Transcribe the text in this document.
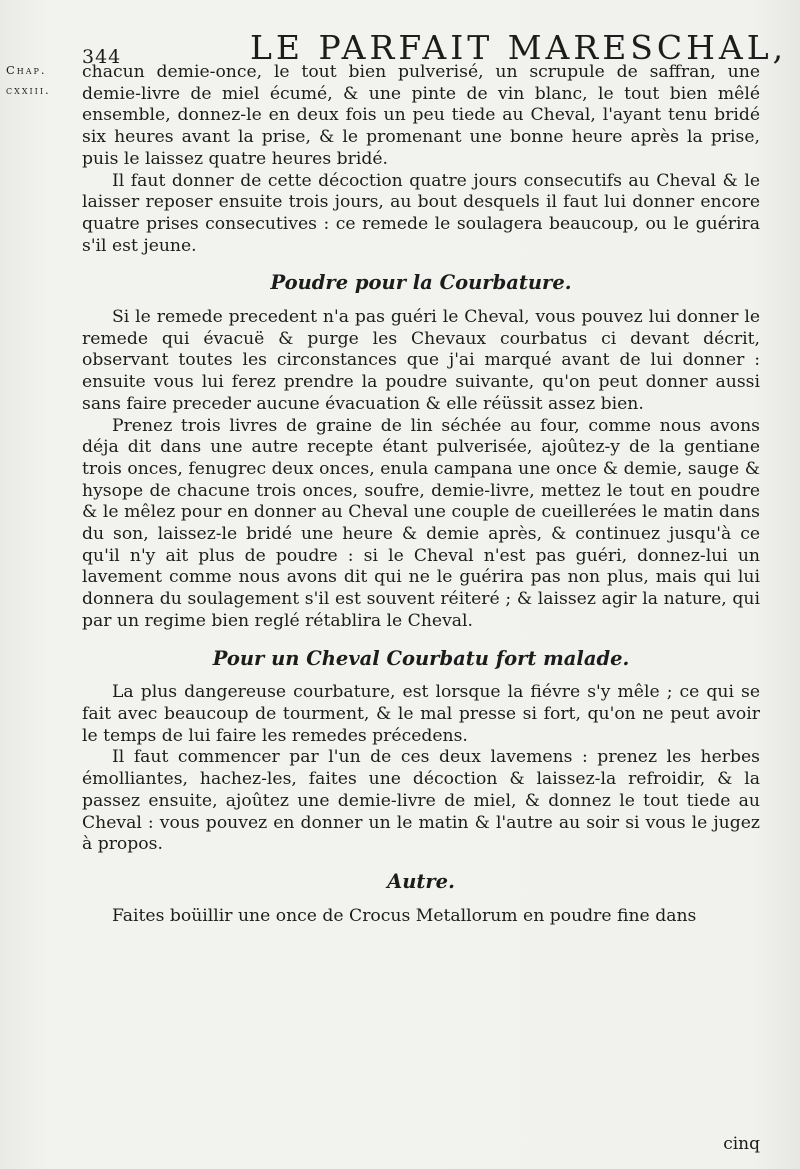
344	LE PARFAIT MARESCHAL,
Chap.
cxxiii.

chacun demie-once, le tout bien pulverisé, un scrupule de saffran, une demie-livre de miel écumé, & une pinte de vin blanc, le tout bien mêlé ensemble, donnez-le en deux fois un peu tiede au Cheval, l'ayant tenu bridé six heures avant la prise, & le promenant une bonne heure après la prise, puis le laissez quatre heures bridé.

Il faut donner de cette décoction quatre jours consecutifs au Cheval & le laisser reposer ensuite trois jours, au bout desquels il faut lui donner encore quatre prises consecutives : ce remede le soulagera beaucoup, ou le guérira s'il est jeune.

Poudre pour la Courbature.

Si le remede precedent n'a pas guéri le Cheval, vous pouvez lui donner le remede qui évacuë & purge les Chevaux courbatus ci devant décrit, observant toutes les circonstances que j'ai marqué avant de lui donner : ensuite vous lui ferez prendre la poudre suivante, qu'on peut donner aussi sans faire preceder aucune évacuation & elle réüssit assez bien.

Prenez trois livres de graine de lin séchée au four, comme nous avons déja dit dans une autre recepte étant pulverisée, ajoûtez-y de la gentiane trois onces, fenugrec deux onces, enula campana une once & demie, sauge & hysope de chacune trois onces, soufre, demie-livre, mettez le tout en poudre & le mêlez pour en donner au Cheval une couple de cueillerées le matin dans du son, laissez-le bridé une heure & demie après, & continuez jusqu'à ce qu'il n'y ait plus de poudre : si le Cheval n'est pas guéri, donnez-lui un lavement comme nous avons dit qui ne le guérira pas non plus, mais qui lui donnera du soulagement s'il est souvent réiteré ; & laissez agir la nature, qui par un regime bien reglé rétablira le Cheval.

Pour un Cheval Courbatu fort malade.

La plus dangereuse courbature, est lorsque la fiévre s'y mêle ; ce qui se fait avec beaucoup de tourment, & le mal presse si fort, qu'on ne peut avoir le temps de lui faire les remedes précedens.

Il faut commencer par l'un de ces deux lavemens : prenez les herbes émolliantes, hachez-les, faites une décoction & laissez-la refroidir, & la passez ensuite, ajoûtez une demie-livre de miel, & donnez le tout tiede au Cheval : vous pouvez en donner un le matin & l'autre au soir si vous le jugez à propos.

Autre.

Faites boüillir une once de Crocus Metallorum en poudre fine dans

cinq
